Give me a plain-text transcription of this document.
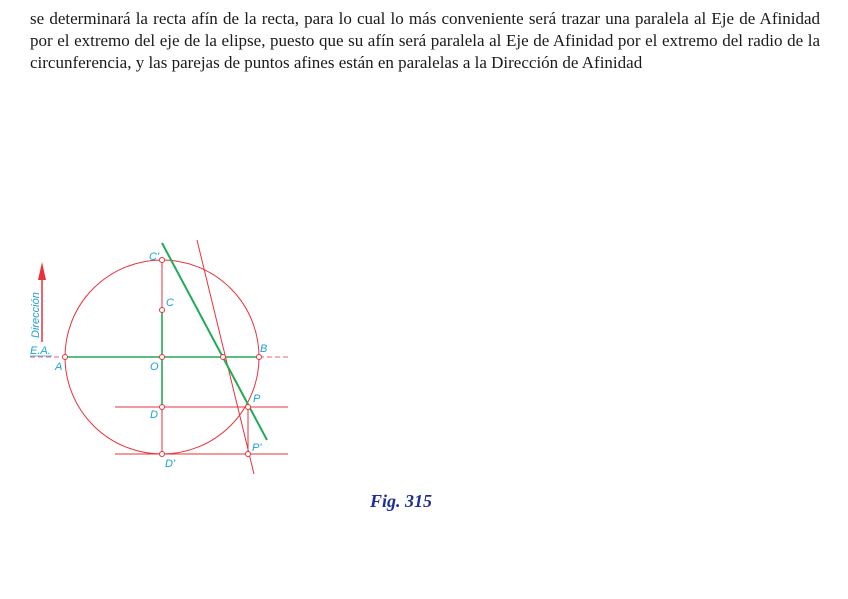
se determinará la recta afín de la recta, para lo cual lo más conveniente será trazar una paralela al Eje de Afinidad por el extremo del eje de la elipse, puesto que su afín será paralela al Eje de Afinidad por el extremo del radio de la circunferencia, y las parejas de puntos afines están en paralelas a la Dirección de Afinidad

Dirección
E.A.
A	O
B
C'
C
D
D'
P
P'

Fig. 315
